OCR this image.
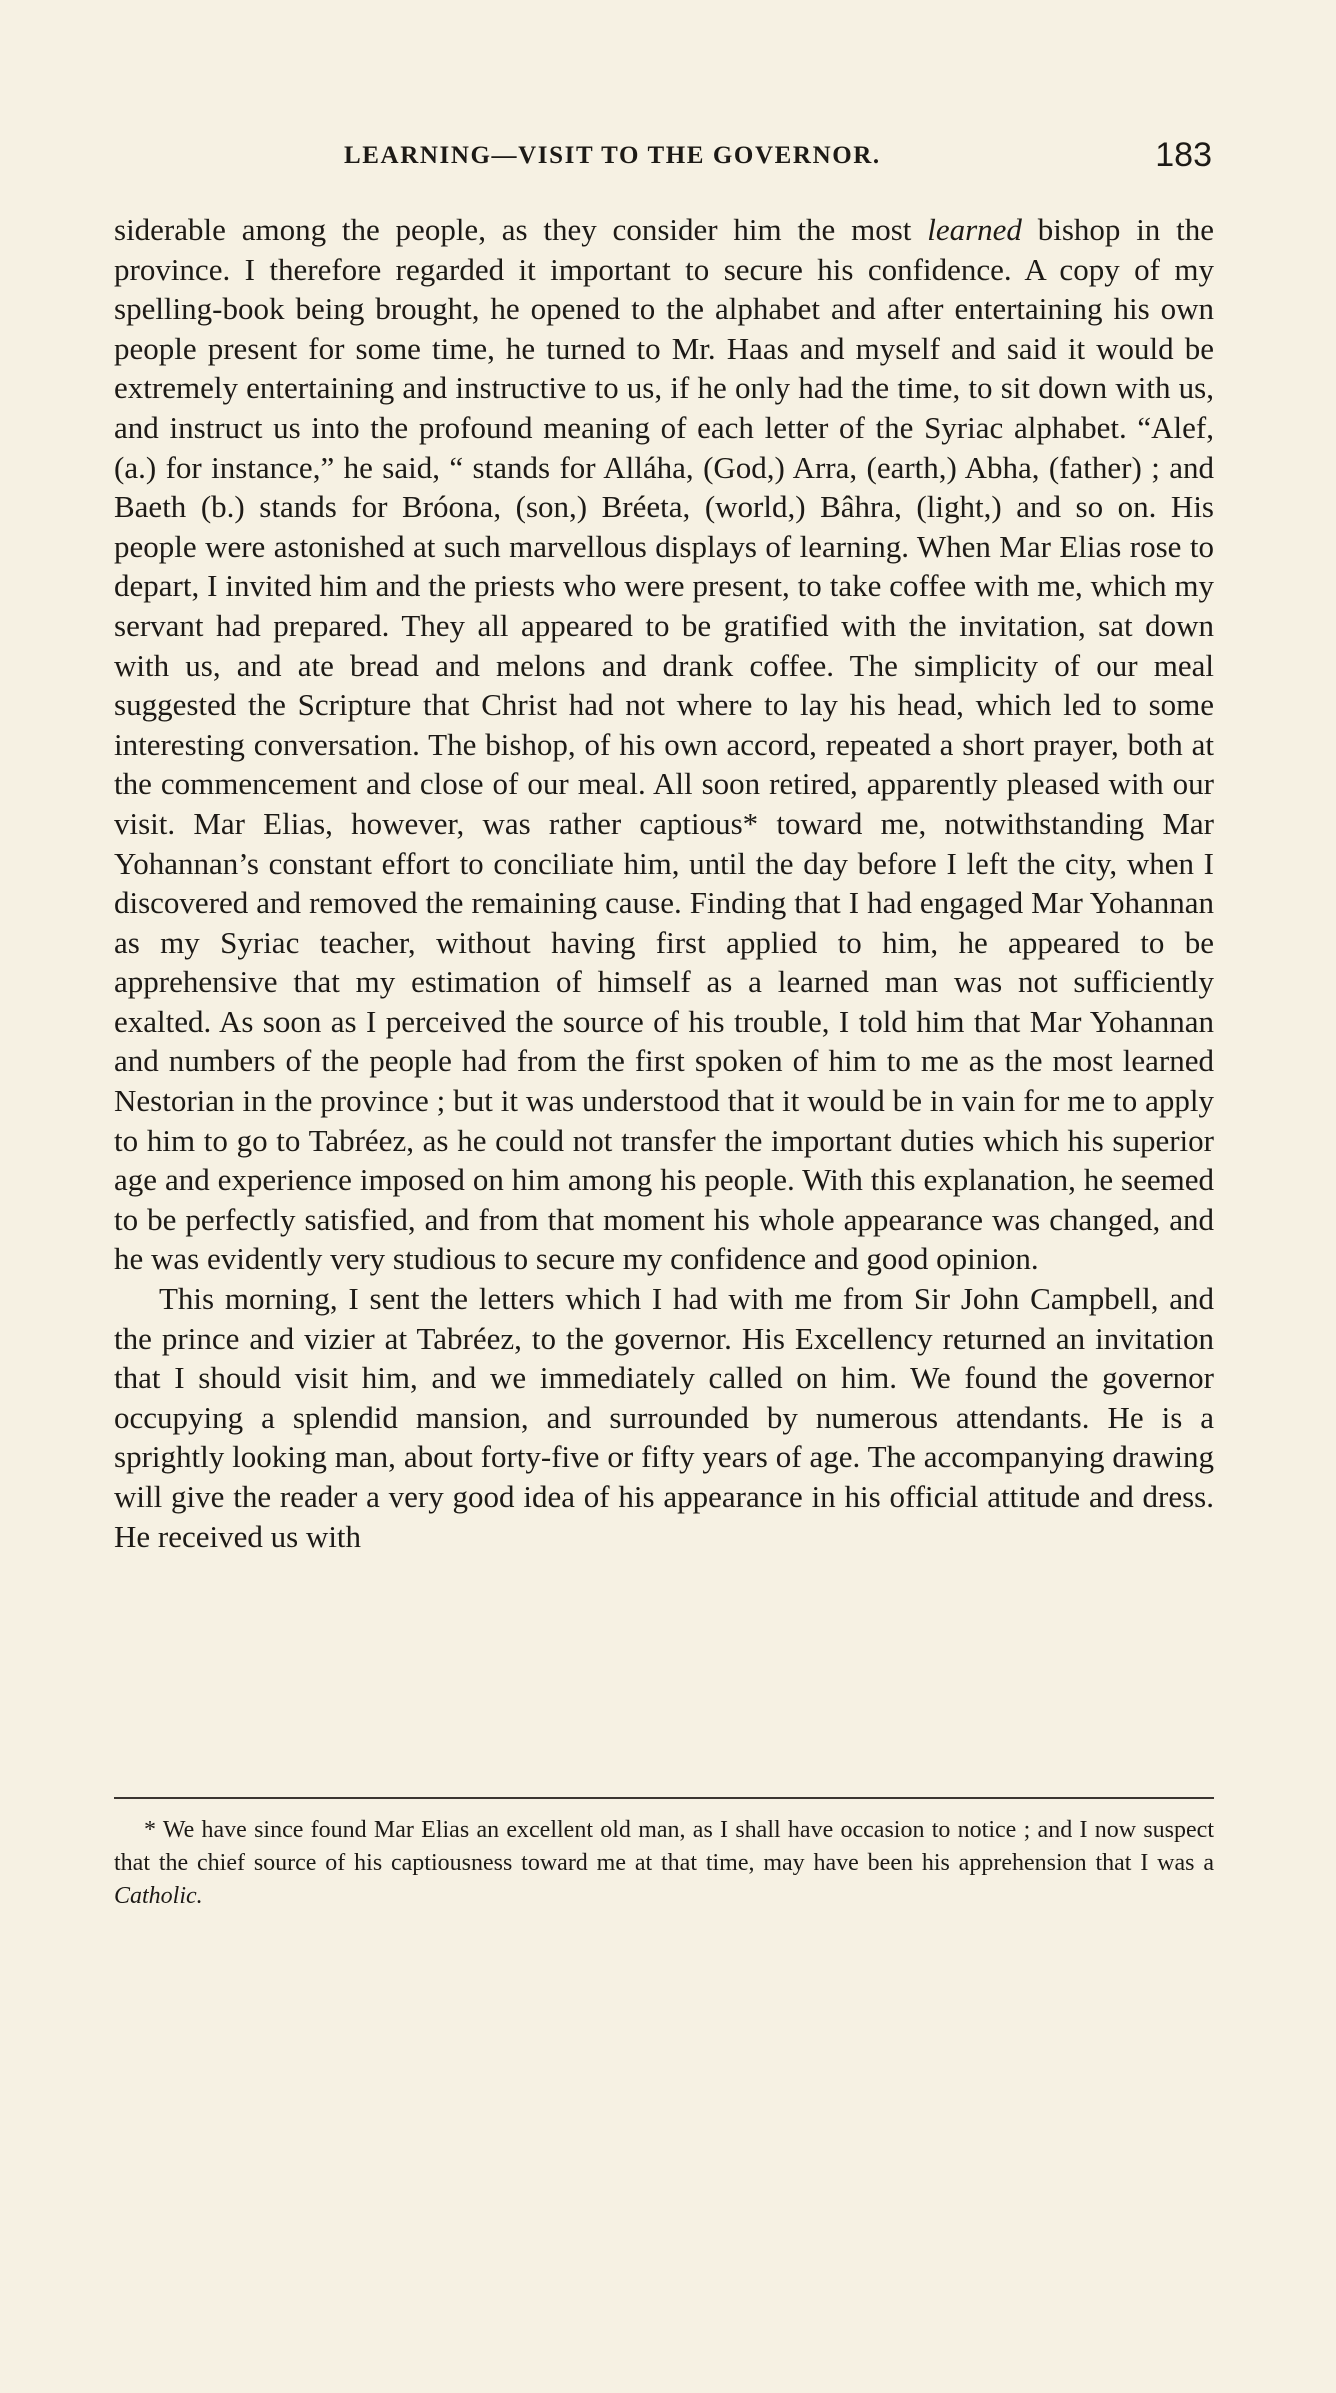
LEARNING—VISIT TO THE GOVERNOR.	183

siderable among the people, as they consider him the most learned bishop in the province. I therefore regarded it important to secure his confidence. A copy of my spelling-book being brought, he opened to the alphabet and after entertaining his own people present for some time, he turned to Mr. Haas and myself and said it would be extremely entertaining and instructive to us, if he only had the time, to sit down with us, and instruct us into the profound meaning of each letter of the Syriac alphabet. “Alef, (a.) for instance,” he said, “ stands for Alláha, (God,) Arra, (earth,) Abha, (father) ; and Baeth (b.) stands for Bróona, (son,) Bréeta, (world,) Bâhra, (light,) and so on. His people were astonished at such marvellous displays of learning. When Mar Elias rose to depart, I invited him and the priests who were present, to take coffee with me, which my servant had prepared. They all appeared to be gratified with the invitation, sat down with us, and ate bread and melons and drank coffee. The simplicity of our meal suggested the Scripture that Christ had not where to lay his head, which led to some interesting conversation. The bishop, of his own accord, repeated a short prayer, both at the commencement and close of our meal. All soon retired, apparently pleased with our visit. Mar Elias, however, was rather captious* toward me, notwithstanding Mar Yohannan’s constant effort to conciliate him, until the day before I left the city, when I discovered and removed the remaining cause. Finding that I had engaged Mar Yohannan as my Syriac teacher, without having first applied to him, he appeared to be apprehensive that my estimation of himself as a learned man was not sufficiently exalted. As soon as I perceived the source of his trouble, I told him that Mar Yohannan and numbers of the people had from the first spoken of him to me as the most learned Nestorian in the province ; but it was understood that it would be in vain for me to apply to him to go to Tabréez, as he could not transfer the important duties which his superior age and experience imposed on him among his people. With this explanation, he seemed to be perfectly satisfied, and from that moment his whole appearance was changed, and he was evidently very studious to secure my confidence and good opinion.

This morning, I sent the letters which I had with me from Sir John Campbell, and the prince and vizier at Tabréez, to the governor. His Excellency returned an invitation that I should visit him, and we immediately called on him. We found the governor occupying a splendid mansion, and surrounded by numerous attendants. He is a sprightly looking man, about forty-five or fifty years of age. The accompanying drawing will give the reader a very good idea of his appearance in his official attitude and dress. He received us with

* We have since found Mar Elias an excellent old man, as I shall have occasion to notice ; and I now suspect that the chief source of his captiousness toward me at that time, may have been his apprehension that I was a Catholic.
